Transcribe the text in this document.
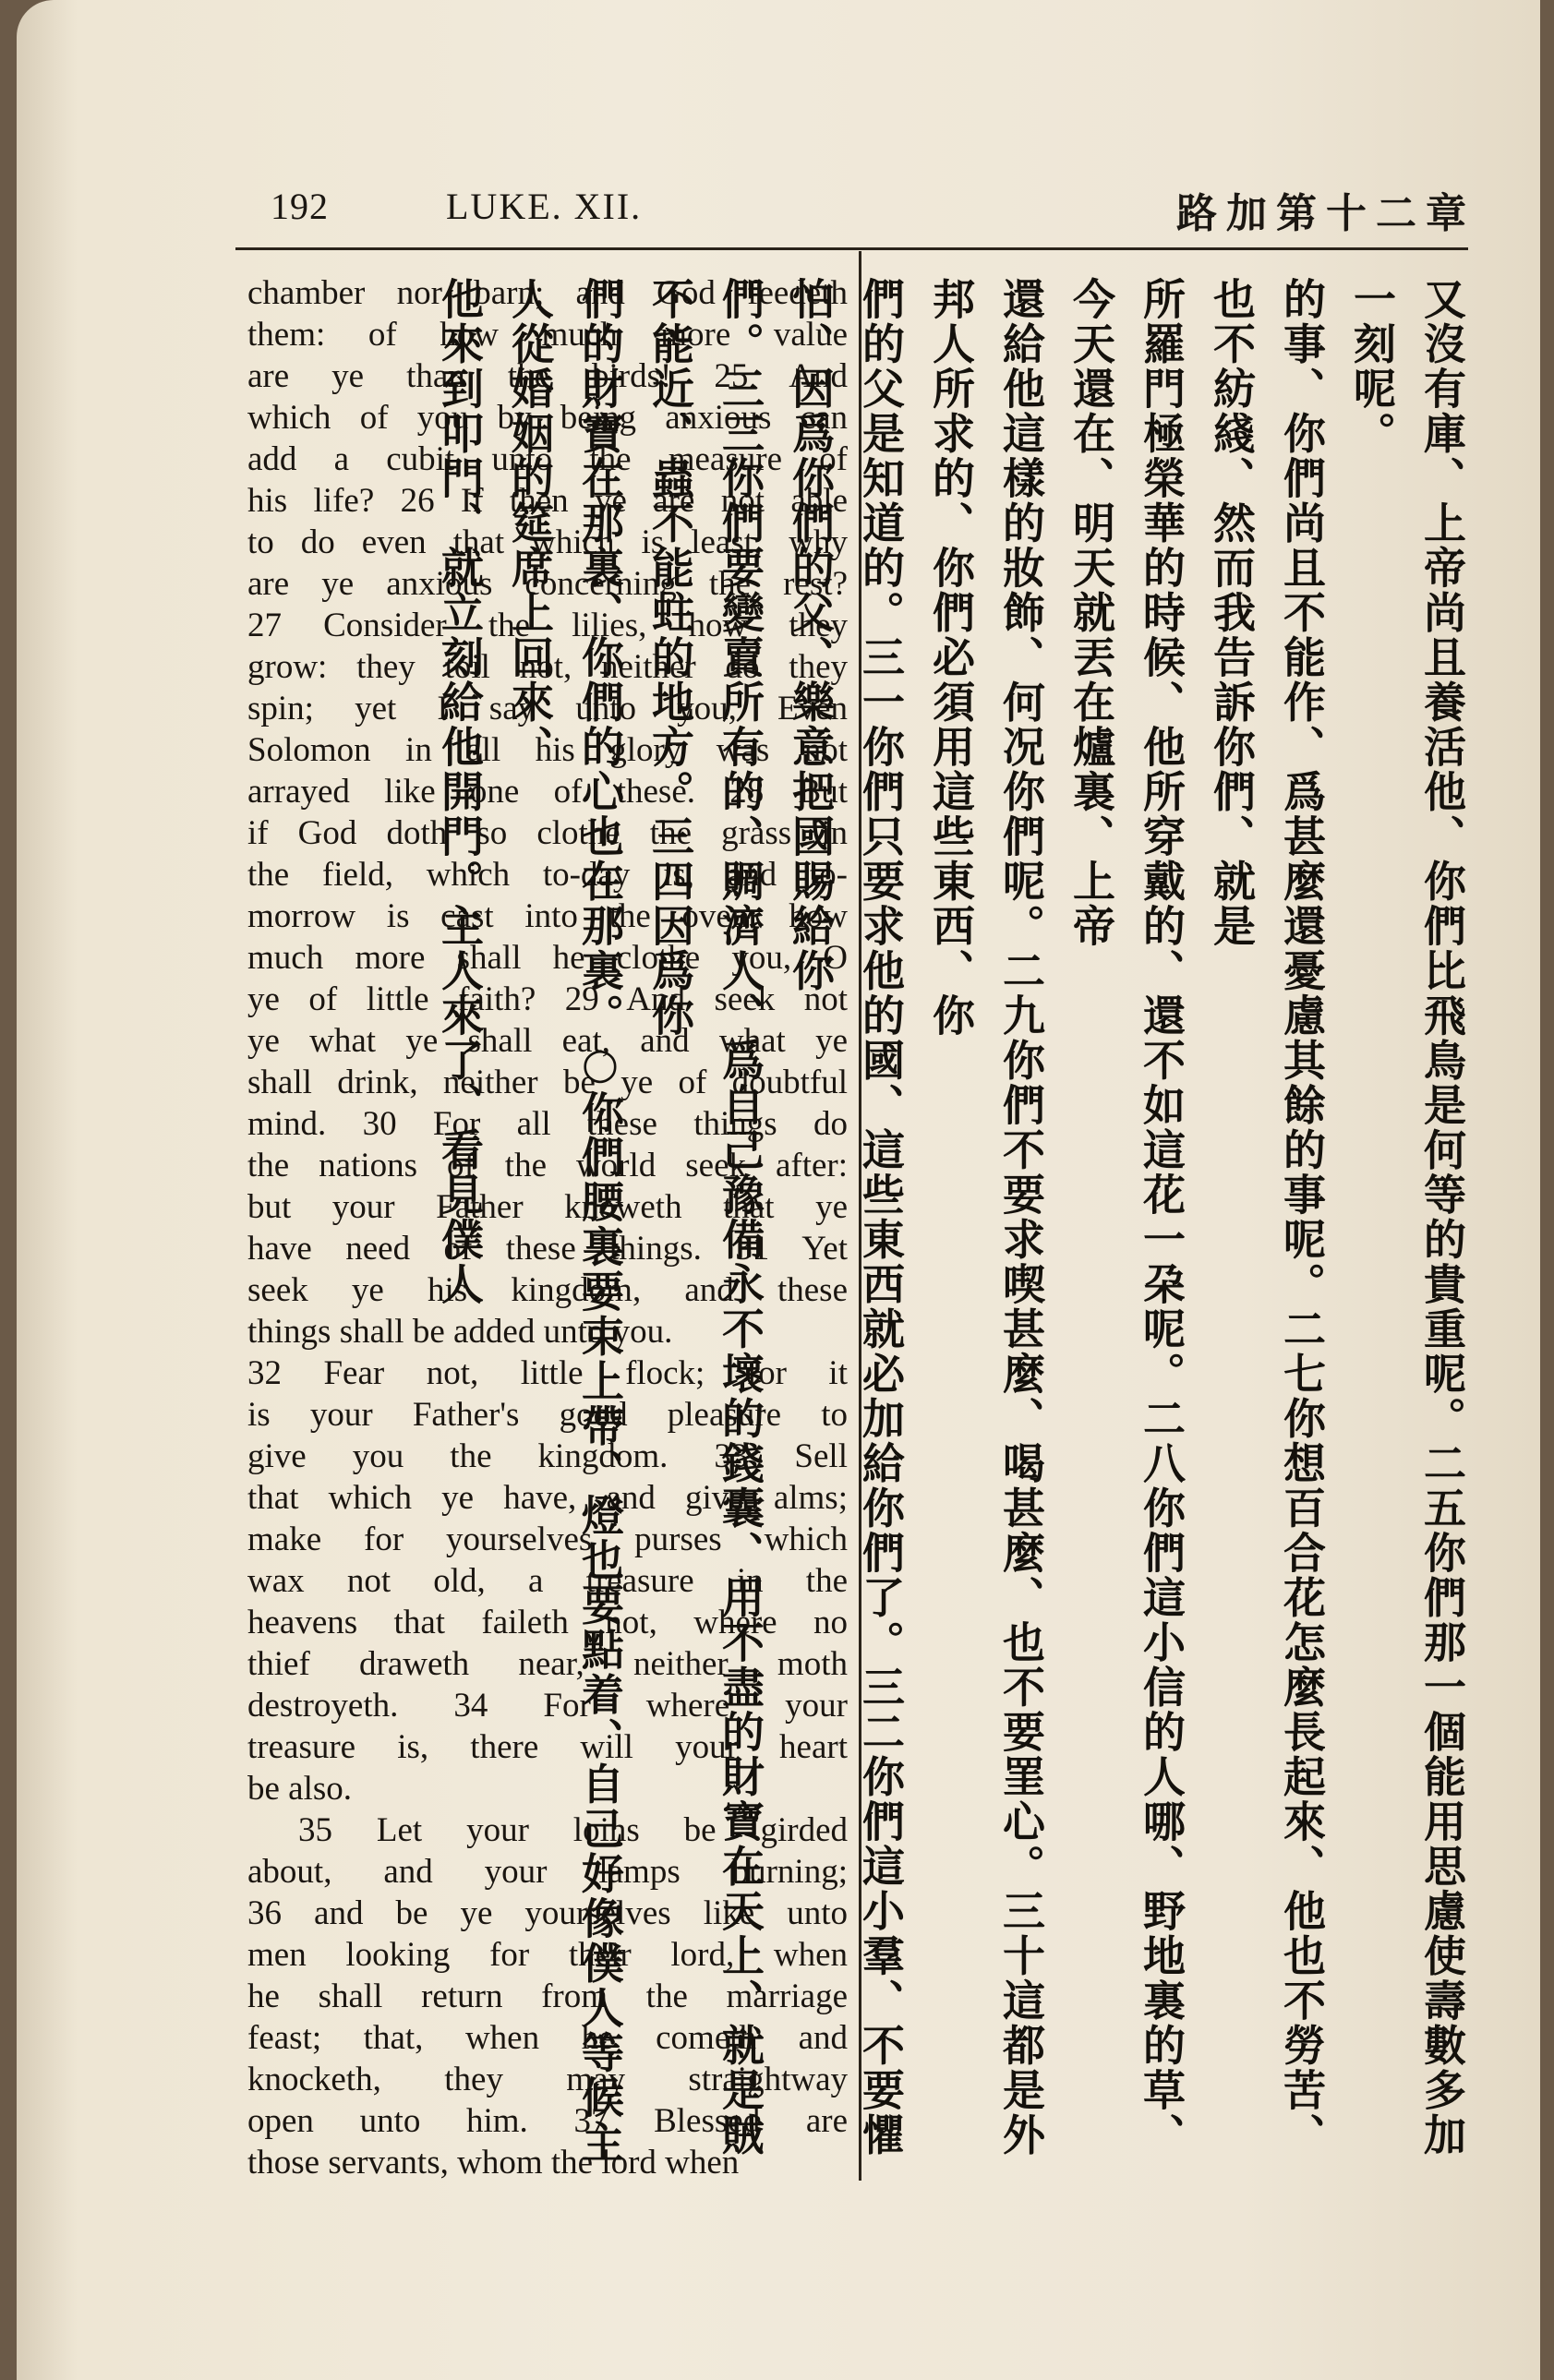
192	LUKE. XII.	路加第十二章
chamber nor barn; and God feedeth
them: of how much more value
are ye than the birds! 25 And
which of you by being anxious can
add a cubit unto the measure of
his life? 26 If then ye are not able
to do even that which is least, why
are ye anxious concerning the rest?
27 Consider the lilies, how they
grow: they toil not, neither do they
spin; yet I say unto you, Even
Solomon in all his glory was not
arrayed like one of these. 28 But
if God doth so clothe the grass in
the field, which to-day is, and to-
morrow is cast into the oven; how
much more shall he clothe you, O
ye of little faith? 29 And seek not
ye what ye shall eat, and what ye
shall drink, neither be ye of doubtful
mind. 30 For all these things do
the nations of the world seek after:
but your Father knoweth that ye
have need of these things. 31 Yet
seek ye his kingdom, and these
things shall be added unto you.
32 Fear not, little flock; for it
is your Father's good pleasure to
give you the kingdom. 33 Sell
that which ye have, and give alms;
make for yourselves purses which
wax not old, a treasure in the
heavens that faileth not, where no
thief draweth near, neither moth
destroyeth. 34 For where your
treasure is, there will your heart
be also.
35 Let your loins be girded
about, and your lamps burning;
36 and be ye yourselves like unto
men looking for their lord, when
he shall return from the marriage
feast; that, when he cometh and
knocketh, they may straightway
open unto him. 37 Blessed are
those servants, whom the lord when
又沒有庫、上帝尚且養活他、你們比飛鳥是何等的貴重呢。二五你們那一個能用思慮使壽數多加一刻呢。
的事、你們尚且不能作、爲甚麼還憂慮其餘的事呢。二七你想百合花怎麼長起來、他也不勞苦、也不紡綫、然而我告訴你們、就是
所羅門極榮華的時候、他所穿戴的、還不如這花一朶呢。二八你們這小信的人哪、野地裏的草、今天還在、明天就丟在爐裏、上帝
還給他這樣的妝飾、何况你們呢。二九你們不要求喫甚麼、喝甚麼、也不要罣心。三十這都是外邦人所求的、你們必須用這些東西、你
們的父是知道的。三一你們只要求他的國、這些東西就必加給你們了。三二你們這小羣、不要懼怕、因爲你們的父、樂意把國賜給你
們。三三你們要變賣所有的、賙濟人、爲自己豫備永不壞的錢囊、用不盡的財寶在天上、就是賊不能近、蟲不能蛀的地方。三四因爲你
們的財寶在那裏、你們的心也在那裏。○你們腰裏要束上帶、燈也要點着、自己好像僕人等候主人從婚姻的筵席上回來、
他來到叩門、就立刻給他開門。主人來了、看見僕人
